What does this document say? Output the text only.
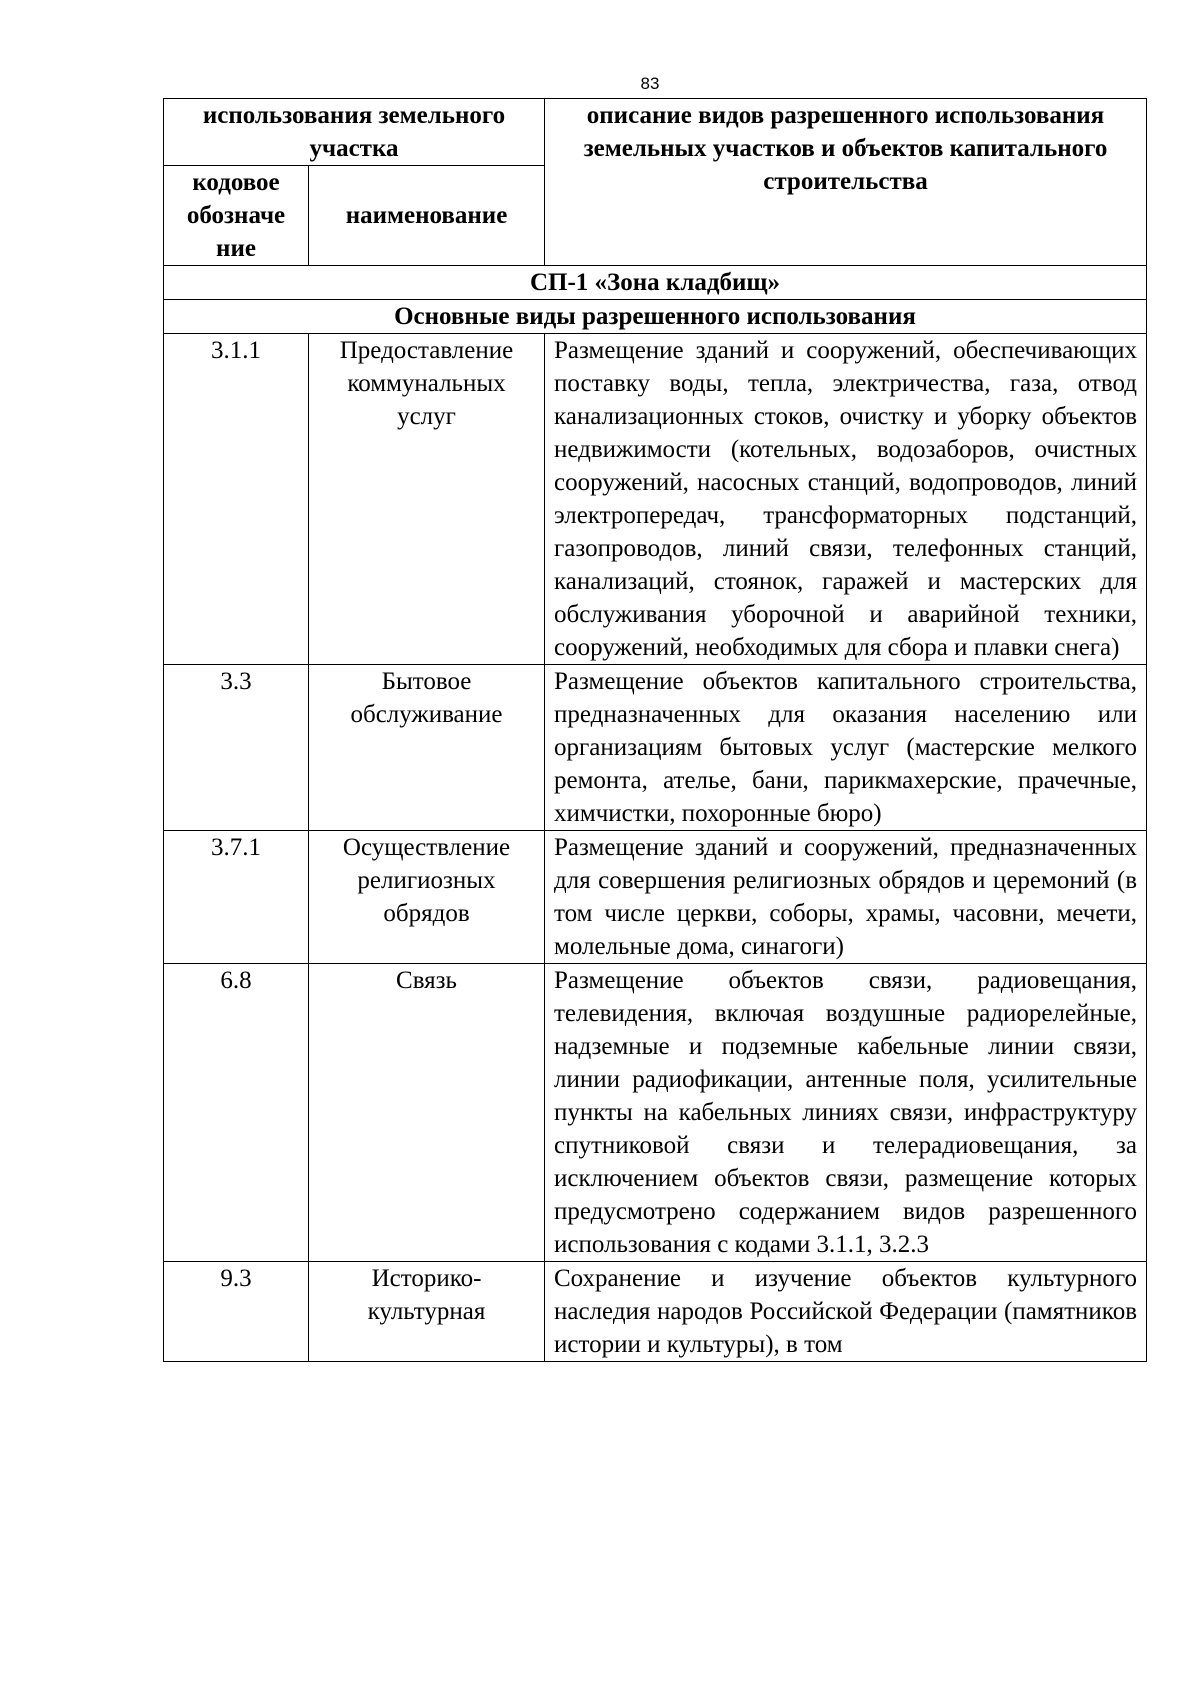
83
использования земельного участка		описание видов разрешенного использования земельных участков и объектов капитального строительства
кодовое обозначе ние	наименование	
СП-1 «Зона кладбищ»		
Основные виды разрешенного использования		
3.1.1	Предоставление коммунальных услуг	Размещение зданий и сооружений, обеспечивающих поставку воды, тепла, электричества, газа, отвод канализационных стоков, очистку и уборку объектов недвижимости (котельных, водозаборов, очистных сооружений, насосных станций, водопроводов, линий электропередач, трансформаторных подстанций, газопроводов, линий связи, телефонных станций, канализаций, стоянок, гаражей и мастерских для обслуживания уборочной и аварийной техники, сооружений, необходимых для сбора и плавки снега)
3.3	Бытовое обслуживание	Размещение объектов капитального строительства, предназначенных для оказания населению или организациям бытовых услуг (мастерские мелкого ремонта, ателье, бани, парикмахерские, прачечные, химчистки, похоронные бюро)
3.7.1	Осуществление религиозных обрядов	Размещение зданий и сооружений, предназначенных для совершения религиозных обрядов и церемоний (в том числе церкви, соборы, храмы, часовни, мечети, молельные дома, синагоги)
6.8	Связь	Размещение объектов связи, радиовещания, телевидения, включая воздушные радиорелейные, надземные и подземные кабельные линии связи, линии радиофикации, антенные поля, усилительные пункты на кабельных линиях связи, инфраструктуру спутниковой связи и телерадиовещания, за исключением объектов связи, размещение которых предусмотрено содержанием видов разрешенного использования с кодами 3.1.1, 3.2.3
9.3	Историко-культурная	Сохранение и изучение объектов культурного наследия народов Российской Федерации (памятников истории и культуры), в том
